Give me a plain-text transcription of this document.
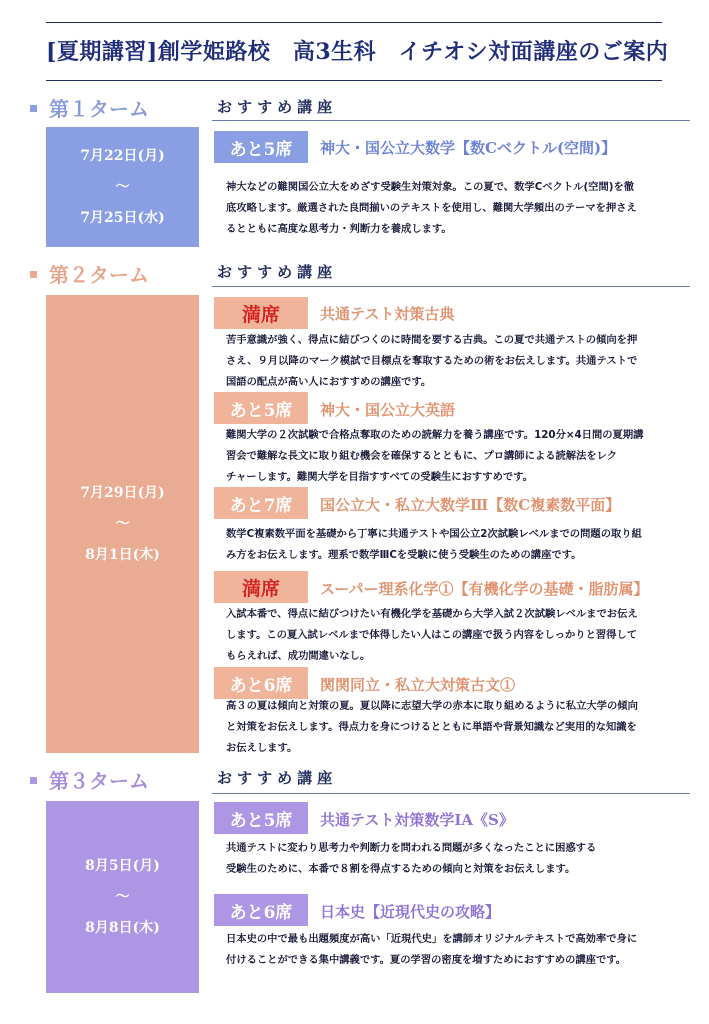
[夏期講習]創学姫路校　高3生科　イチオシ対面講座のご案内
第１ターム	おすすめ講座
7月22日(月)
〜
7月25日(水)
あと5席	神大・国公立大数学【数Cベクトル(空間)】
神大などの難関国公立大をめざす受験生対策対象。この夏で、数学Cベクトル(空間)を徹
底攻略します。厳選された良問揃いのテキストを使用し、難関大学頻出のテーマを押さえ
るとともに高度な思考力・判断力を養成します。
第２ターム	おすすめ講座
7月29日(月)
〜
8月1日(木)
満席	共通テスト対策古典
苦手意識が強く、得点に結びつくのに時間を要する古典。この夏で共通テストの傾向を押
さえ、９月以降のマーク模試で目標点を奪取するための術をお伝えします。共通テストで
国語の配点が高い人におすすめの講座です。
あと5席	神大・国公立大英語
難関大学の２次試験で合格点奪取のための読解力を養う講座です。120分×4日間の夏期講
習会で難解な長文に取り組む機会を確保するとともに、プロ講師による読解法をレク
チャーします。難関大学を目指すすべての受験生におすすめです。
あと7席	国公立大・私立大数学Ⅲ【数C複素数平面】
数学C複素数平面を基礎から丁寧に共通テストや国公立2次試験レベルまでの問題の取り組
み方をお伝えします。理系で数学ⅢCを受験に使う受験生のための講座です。
満席	スーパー理系化学①【有機化学の基礎・脂肪属】
入試本番で、得点に結びつけたい有機化学を基礎から大学入試２次試験レベルまでお伝え
します。この夏入試レベルまで体得したい人はこの講座で扱う内容をしっかりと習得して
もらえれば、成功間違いなし。
あと6席	関関同立・私立大対策古文①
高３の夏は傾向と対策の夏。夏以降に志望大学の赤本に取り組めるように私立大学の傾向
と対策をお伝えします。得点力を身につけるとともに単語や背景知識など実用的な知識を
お伝えします。
第３ターム	おすすめ講座
8月5日(月)
〜
8月8日(木)
あと5席	共通テスト対策数学ⅠA《S》
共通テストに変わり思考力や判断力を問われる問題が多くなったことに困惑する
受験生のために、本番で８割を得点するための傾向と対策をお伝えします。
あと6席	日本史【近現代史の攻略】
日本史の中で最も出題頻度が高い「近現代史」を講師オリジナルテキストで高効率で身に
付けることができる集中講義です。夏の学習の密度を増すためにおすすめの講座です。
